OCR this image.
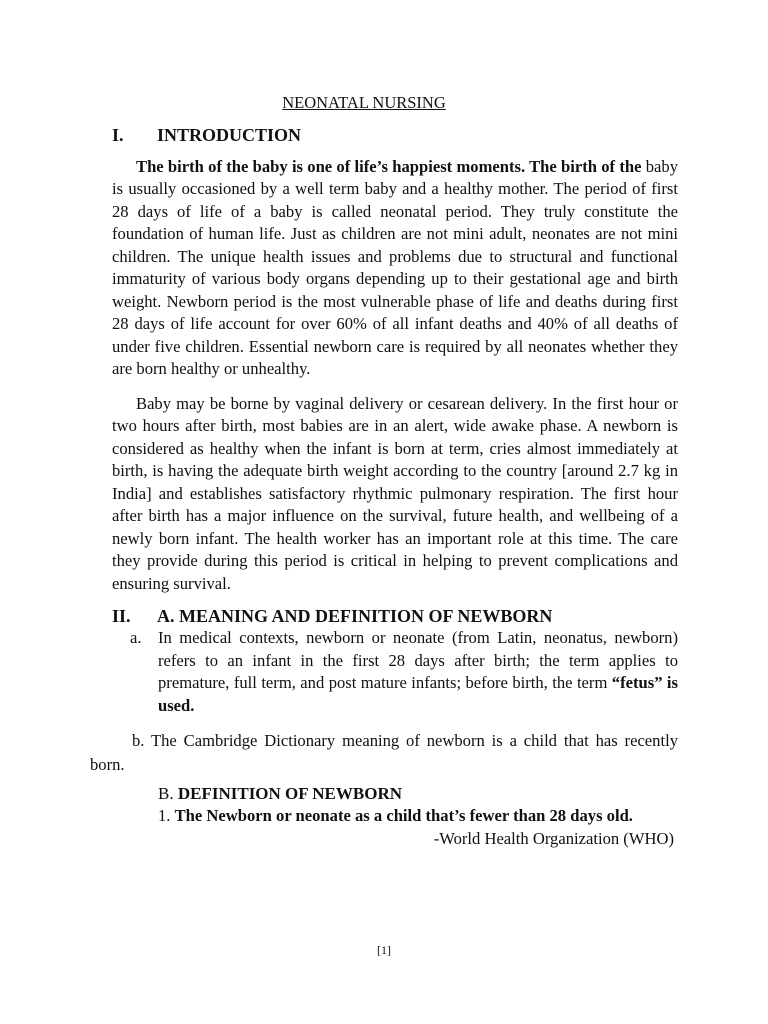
NEONATAL NURSING
I. INTRODUCTION
The birth of the baby is one of life’s happiest moments. The birth of the baby is usually occasioned by a well term baby and a healthy mother. The period of first 28 days of life of a baby is called neonatal period. They truly constitute the foundation of human life. Just as children are not mini adult, neonates are not mini children. The unique health issues and problems due to structural and functional immaturity of various body organs depending up to their gestational age and birth weight. Newborn period is the most vulnerable phase of life and deaths during first 28 days of life account for over 60% of all infant deaths and 40% of all deaths of under five children. Essential newborn care is required by all neonates whether they are born healthy or unhealthy.
Baby may be borne by vaginal delivery or cesarean delivery. In the first hour or two hours after birth, most babies are in an alert, wide awake phase. A newborn is considered as healthy when the infant is born at term, cries almost immediately at birth, is having the adequate birth weight according to the country [around 2.7 kg in India] and establishes satisfactory rhythmic pulmonary respiration. The first hour after birth has a major influence on the survival, future health, and wellbeing of a newly born infant. The health worker has an important role at this time. The care they provide during this period is critical in helping to prevent complications and ensuring survival.
II. A. MEANING AND DEFINITION OF NEWBORN
a. In medical contexts, newborn or neonate (from Latin, neonatus, newborn) refers to an infant in the first 28 days after birth; the term applies to premature, full term, and post mature infants; before birth, the term “fetus” is used.
b. The Cambridge Dictionary meaning of newborn is a child that has recently born.
B. DEFINITION OF NEWBORN
1. The Newborn or neonate as a child that’s fewer than 28 days old.
-World Health Organization (WHO)
[1]
